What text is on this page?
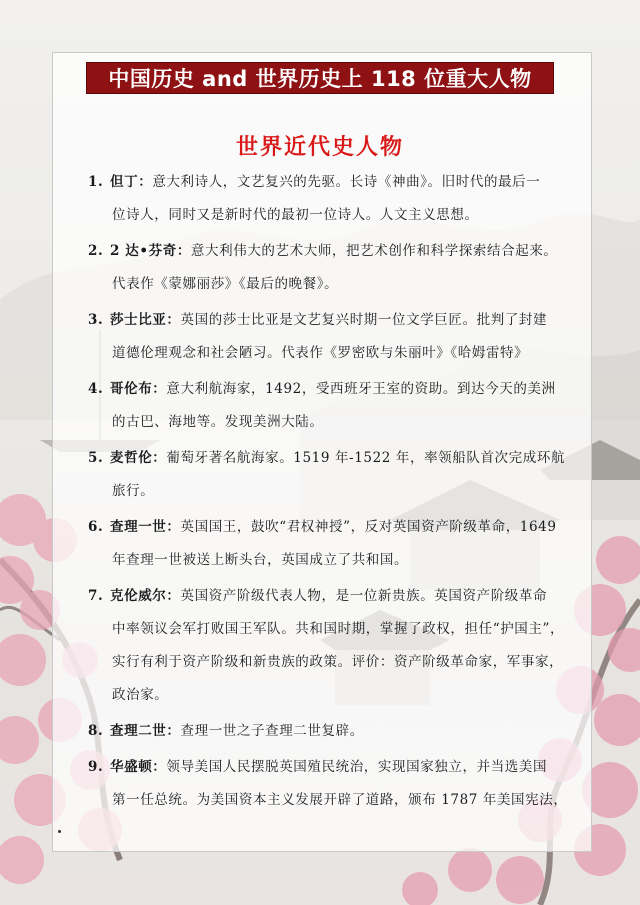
中国历史 and 世界历史上 118 位重大人物
世界近代史人物
1. 但丁：意大利诗人，文艺复兴的先驱。长诗《神曲》。旧时代的最后一
位诗人，同时又是新时代的最初一位诗人。人文主义思想。
2. 2 达•芬奇：意大利伟大的艺术大师，把艺术创作和科学探索结合起来。
代表作《蒙娜丽莎》《最后的晚餐》。
3. 莎士比亚：英国的莎士比亚是文艺复兴时期一位文学巨匠。批判了封建
道德伦理观念和社会陋习。代表作《罗密欧与朱丽叶》《哈姆雷特》
4. 哥伦布：意大利航海家，1492，受西班牙王室的资助。到达今天的美洲
的古巴、海地等。发现美洲大陆。
5. 麦哲伦：葡萄牙著名航海家。1519 年-1522 年，率领船队首次完成环航
旅行。
6. 查理一世：英国国王，鼓吹“君权神授”，反对英国资产阶级革命，1649
年查理一世被送上断头台，英国成立了共和国。
7. 克伦威尔：英国资产阶级代表人物，是一位新贵族。英国资产阶级革命
中率领议会军打败国王军队。共和国时期，掌握了政权，担任“护国主”，
实行有利于资产阶级和新贵族的政策。评价：资产阶级革命家，军事家，
政治家。
8. 查理二世：查理一世之子查理二世复辟。
9. 华盛顿：领导美国人民摆脱英国殖民统治，实现国家独立，并当选美国
第一任总统。为美国资本主义发展开辟了道路，颁布 1787 年美国宪法，
